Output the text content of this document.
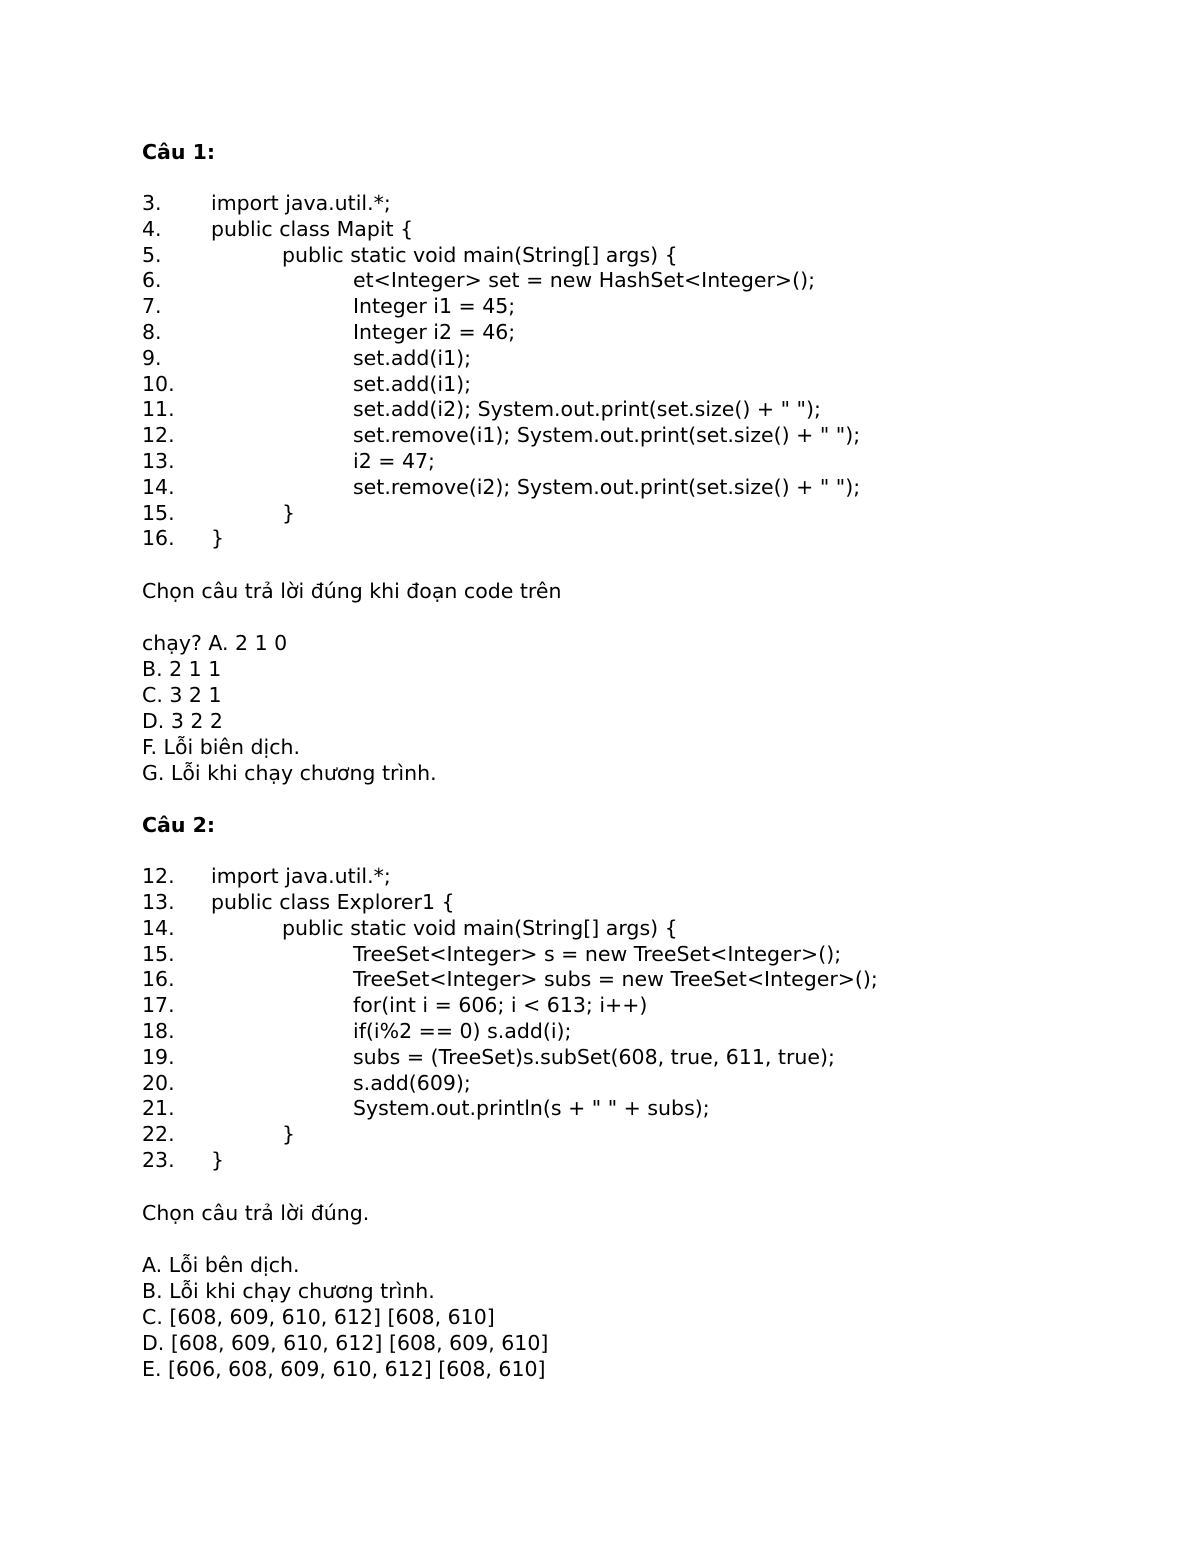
Câu 1:
3. import java.util.*;
4. public class Mapit {
5.	public static void main(String[] args) {
6.	et<Integer> set = new HashSet<Integer>();
7.	Integer i1 = 45;
8.	Integer i2 = 46;
9.	set.add(i1);
10.	set.add(i1);
11.	set.add(i2); System.out.print(set.size() + " ");
12.	set.remove(i1); System.out.print(set.size() + " ");
13.	i2 = 47;
14.	set.remove(i2); System.out.print(set.size() + " ");
15.	}
16. }
Chọn câu trả lời đúng khi đoạn code trên
chạy? A. 2 1 0
B. 2 1 1
C. 3 2 1
D. 3 2 2
F. Lỗi biên dịch.
G. Lỗi khi chạy chương trình.
Câu 2:
12. import java.util.*;
13. public class Explorer1 {
14.	public static void main(String[] args) {
15.	TreeSet<Integer> s = new TreeSet<Integer>();
16.	TreeSet<Integer> subs = new TreeSet<Integer>();
17.	for(int i = 606; i < 613; i++)
18.	if(i%2 == 0) s.add(i);
19.	subs = (TreeSet)s.subSet(608, true, 611, true);
20.	s.add(609);
21.	System.out.println(s + " " + subs);
22.	}
23. }
Chọn câu trả lời đúng.
A. Lỗi bên dịch.
B. Lỗi khi chạy chương trình.
C. [608, 609, 610, 612] [608, 610]
D. [608, 609, 610, 612] [608, 609, 610]
E. [606, 608, 609, 610, 612] [608, 610]
